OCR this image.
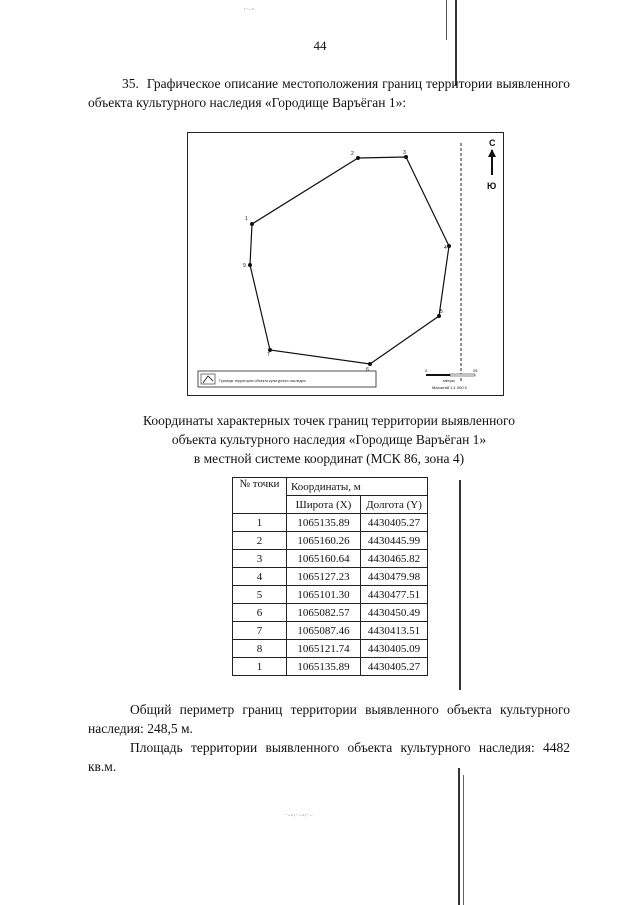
ᵎᵔᵕᵒ
ᵔᵕᵒᵎᵔᵕᵒᵎᵔᵕ
44
35. Графическое описание местоположения границ территории выявленного объекта культурного наследия «Городище Варъёган 1»:
1
2	3
4
5
6
7
9
С
Ю
Границы территории объекта культурного наследия
0	25
метры
Масштаб 1:1 000 0
Координаты характерных точек границ территории выявленного
объекта культурного наследия «Городище Варъёган 1»
в местной системе координат (МСК 86, зона 4)
№ точки	Координаты, м	
	Широта (X)	Долгота (Y)
1	1065135.89	4430405.27
2	1065160.26	4430445.99
3	1065160.64	4430465.82
4	1065127.23	4430479.98
5	1065101.30	4430477.51
6	1065082.57	4430450.49
7	1065087.46	4430413.51
8	1065121.74	4430405.09
1	1065135.89	4430405.27

Общий периметр границ территории выявленного объекта культурного наследия: 248,5 м.

Площадь территории выявленного объекта культурного наследия: 4482 кв.м.
